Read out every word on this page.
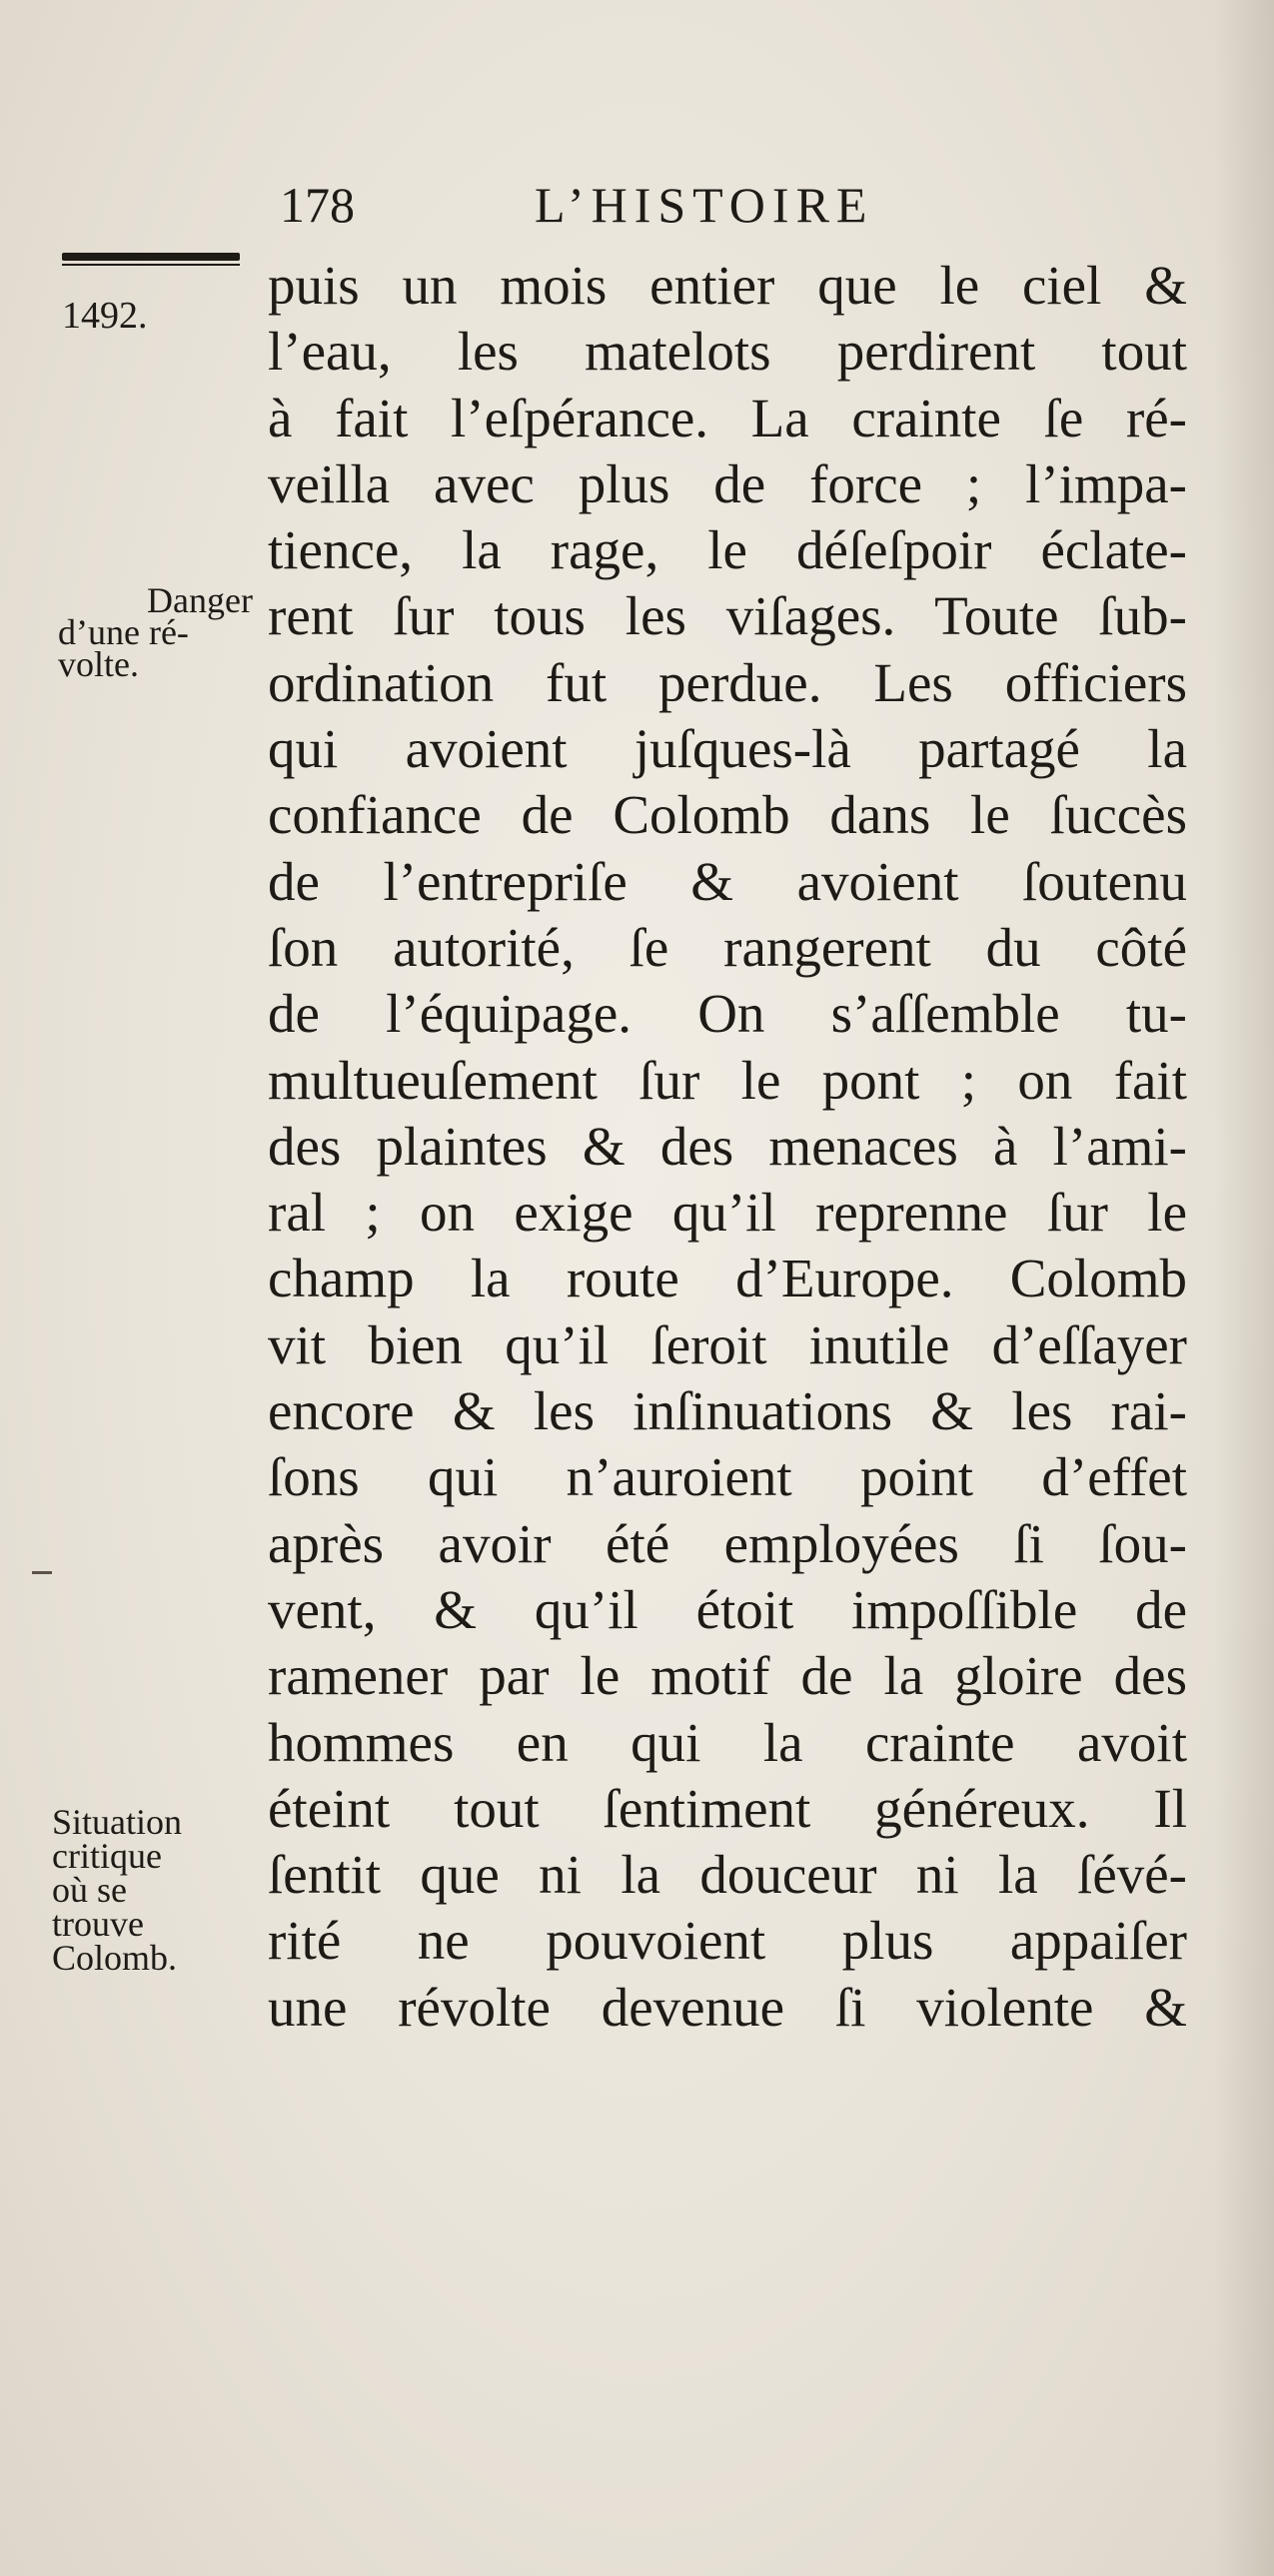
178	L’HISTOIRE
1492.
Danger
d’une ré-
volte.
Situation
critique
où se
trouve
Colomb.
puis un mois entier que le ciel &
l’eau, les matelots perdirent tout
à fait l’eſpérance. La crainte ſe ré-
veilla avec plus de force ; l’impa-
tience, la rage, le déſeſpoir éclate-
rent ſur tous les viſages. Toute ſub-
ordination fut perdue. Les officiers
qui avoient juſques-là partagé la
confiance de Colomb dans le ſuccès
de l’entrepriſe & avoient ſoutenu
ſon autorité, ſe rangerent du côté
de l’équipage. On s’aſſemble tu-
multueuſement ſur le pont ; on fait
des plaintes & des menaces à l’ami-
ral ; on exige qu’il reprenne ſur le
champ la route d’Europe. Colomb
vit bien qu’il ſeroit inutile d’eſſayer
encore & les inſinuations & les rai-
ſons qui n’auroient point d’effet
après avoir été employées ſi ſou-
vent, & qu’il étoit impoſſible de
ramener par le motif de la gloire des
hommes en qui la crainte avoit
éteint tout ſentiment généreux. Il
ſentit que ni la douceur ni la ſévé-
rité ne pouvoient plus appaiſer
une révolte devenue ſi violente &
